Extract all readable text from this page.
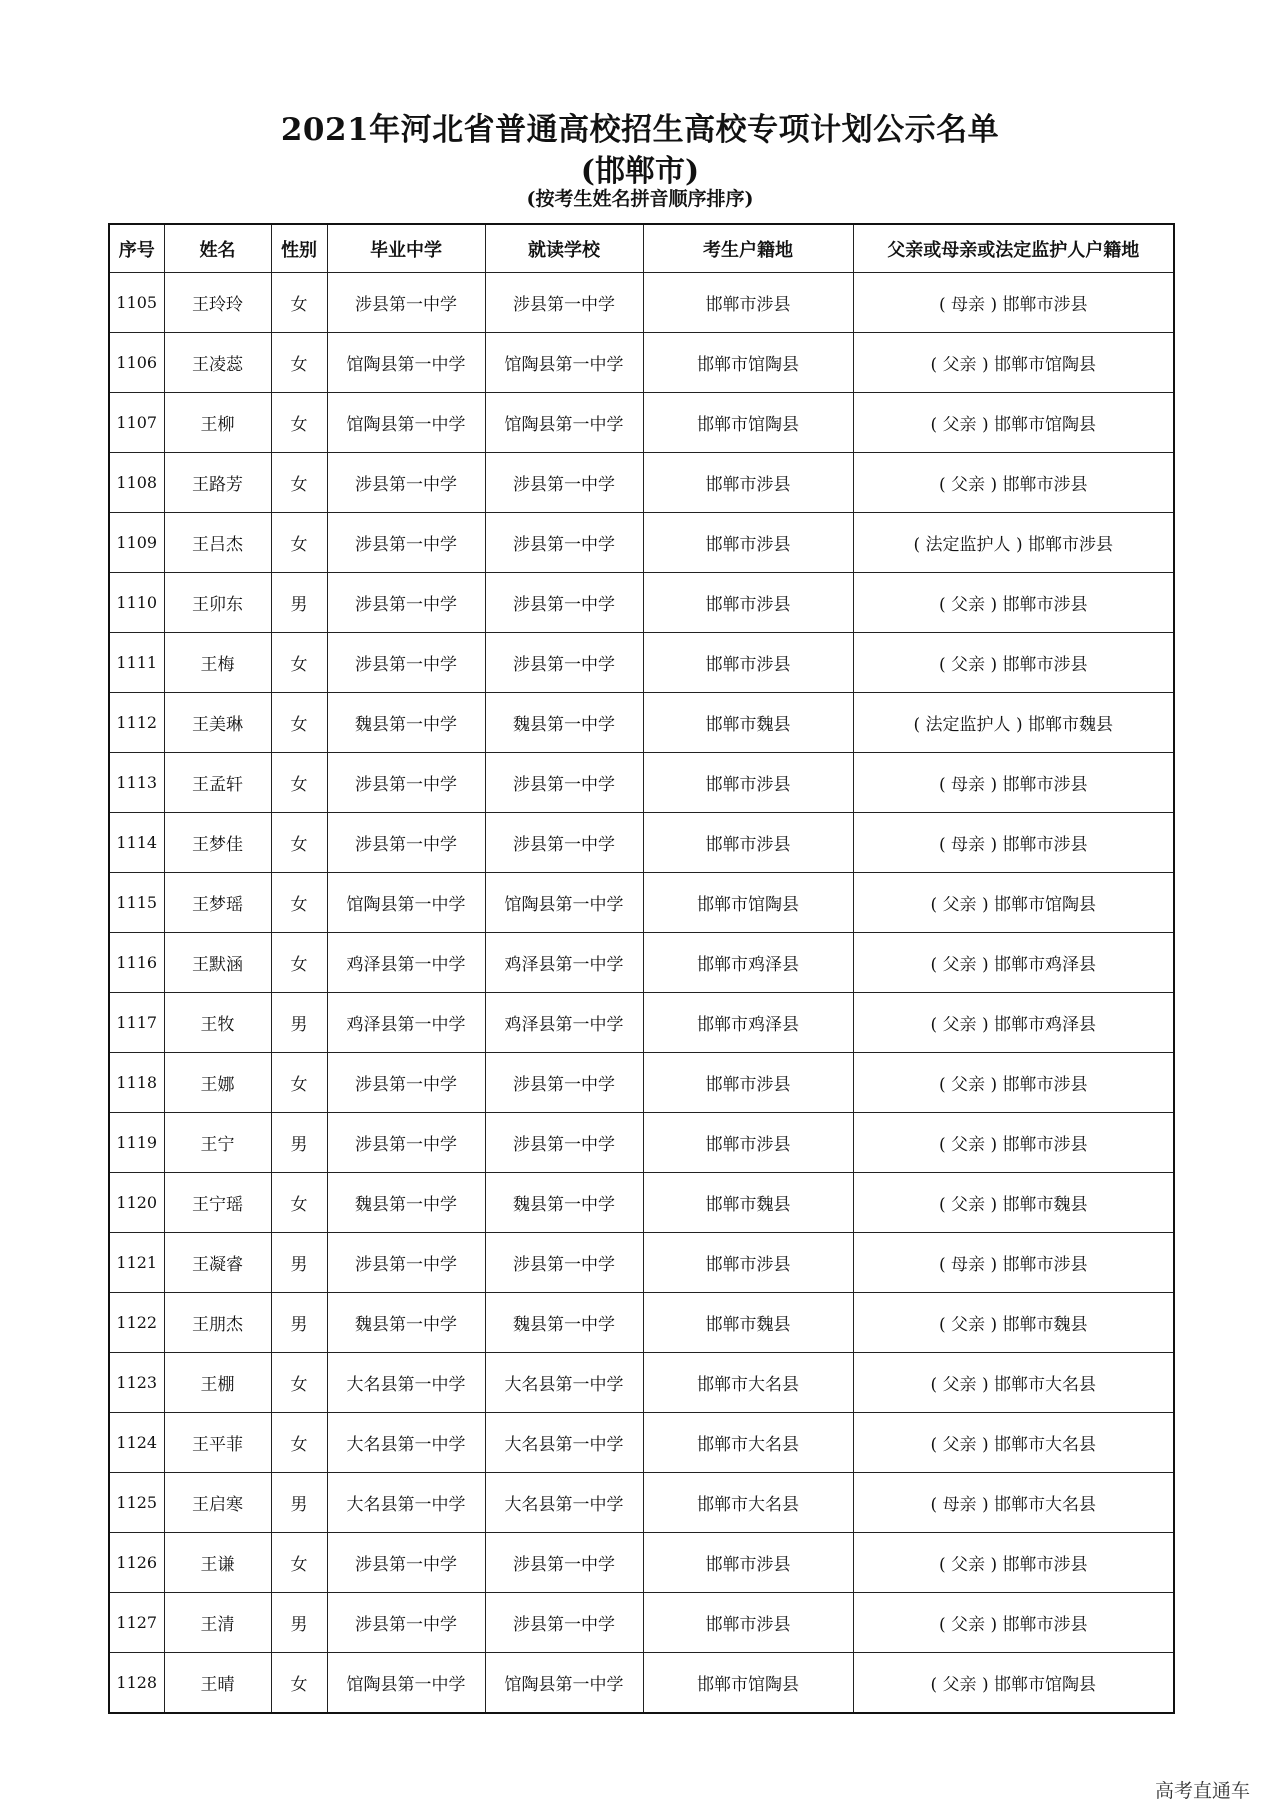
2021年河北省普通高校招生高校专项计划公示名单
(邯郸市)
(按考生姓名拼音顺序排序)
序号	姓名	性别	毕业中学	就读学校	考生户籍地	父亲或母亲或法定监护人户籍地
1105	王玲玲	女	涉县第一中学	涉县第一中学	邯郸市涉县	( 母亲 ) 邯郸市涉县
1106	王凌蕊	女	馆陶县第一中学	馆陶县第一中学	邯郸市馆陶县	( 父亲 ) 邯郸市馆陶县
1107	王柳	女	馆陶县第一中学	馆陶县第一中学	邯郸市馆陶县	( 父亲 ) 邯郸市馆陶县
1108	王路芳	女	涉县第一中学	涉县第一中学	邯郸市涉县	( 父亲 ) 邯郸市涉县
1109	王吕杰	女	涉县第一中学	涉县第一中学	邯郸市涉县	( 法定监护人 ) 邯郸市涉县
1110	王卯东	男	涉县第一中学	涉县第一中学	邯郸市涉县	( 父亲 ) 邯郸市涉县
1111	王梅	女	涉县第一中学	涉县第一中学	邯郸市涉县	( 父亲 ) 邯郸市涉县
1112	王美琳	女	魏县第一中学	魏县第一中学	邯郸市魏县	( 法定监护人 ) 邯郸市魏县
1113	王孟轩	女	涉县第一中学	涉县第一中学	邯郸市涉县	( 母亲 ) 邯郸市涉县
1114	王梦佳	女	涉县第一中学	涉县第一中学	邯郸市涉县	( 母亲 ) 邯郸市涉县
1115	王梦瑶	女	馆陶县第一中学	馆陶县第一中学	邯郸市馆陶县	( 父亲 ) 邯郸市馆陶县
1116	王默涵	女	鸡泽县第一中学	鸡泽县第一中学	邯郸市鸡泽县	( 父亲 ) 邯郸市鸡泽县
1117	王牧	男	鸡泽县第一中学	鸡泽县第一中学	邯郸市鸡泽县	( 父亲 ) 邯郸市鸡泽县
1118	王娜	女	涉县第一中学	涉县第一中学	邯郸市涉县	( 父亲 ) 邯郸市涉县
1119	王宁	男	涉县第一中学	涉县第一中学	邯郸市涉县	( 父亲 ) 邯郸市涉县
1120	王宁瑶	女	魏县第一中学	魏县第一中学	邯郸市魏县	( 父亲 ) 邯郸市魏县
1121	王凝睿	男	涉县第一中学	涉县第一中学	邯郸市涉县	( 母亲 ) 邯郸市涉县
1122	王朋杰	男	魏县第一中学	魏县第一中学	邯郸市魏县	( 父亲 ) 邯郸市魏县
1123	王棚	女	大名县第一中学	大名县第一中学	邯郸市大名县	( 父亲 ) 邯郸市大名县
1124	王平菲	女	大名县第一中学	大名县第一中学	邯郸市大名县	( 父亲 ) 邯郸市大名县
1125	王启寒	男	大名县第一中学	大名县第一中学	邯郸市大名县	( 母亲 ) 邯郸市大名县
1126	王谦	女	涉县第一中学	涉县第一中学	邯郸市涉县	( 父亲 ) 邯郸市涉县
1127	王清	男	涉县第一中学	涉县第一中学	邯郸市涉县	( 父亲 ) 邯郸市涉县
1128	王晴	女	馆陶县第一中学	馆陶县第一中学	邯郸市馆陶县	( 父亲 ) 邯郸市馆陶县
高考直通车
